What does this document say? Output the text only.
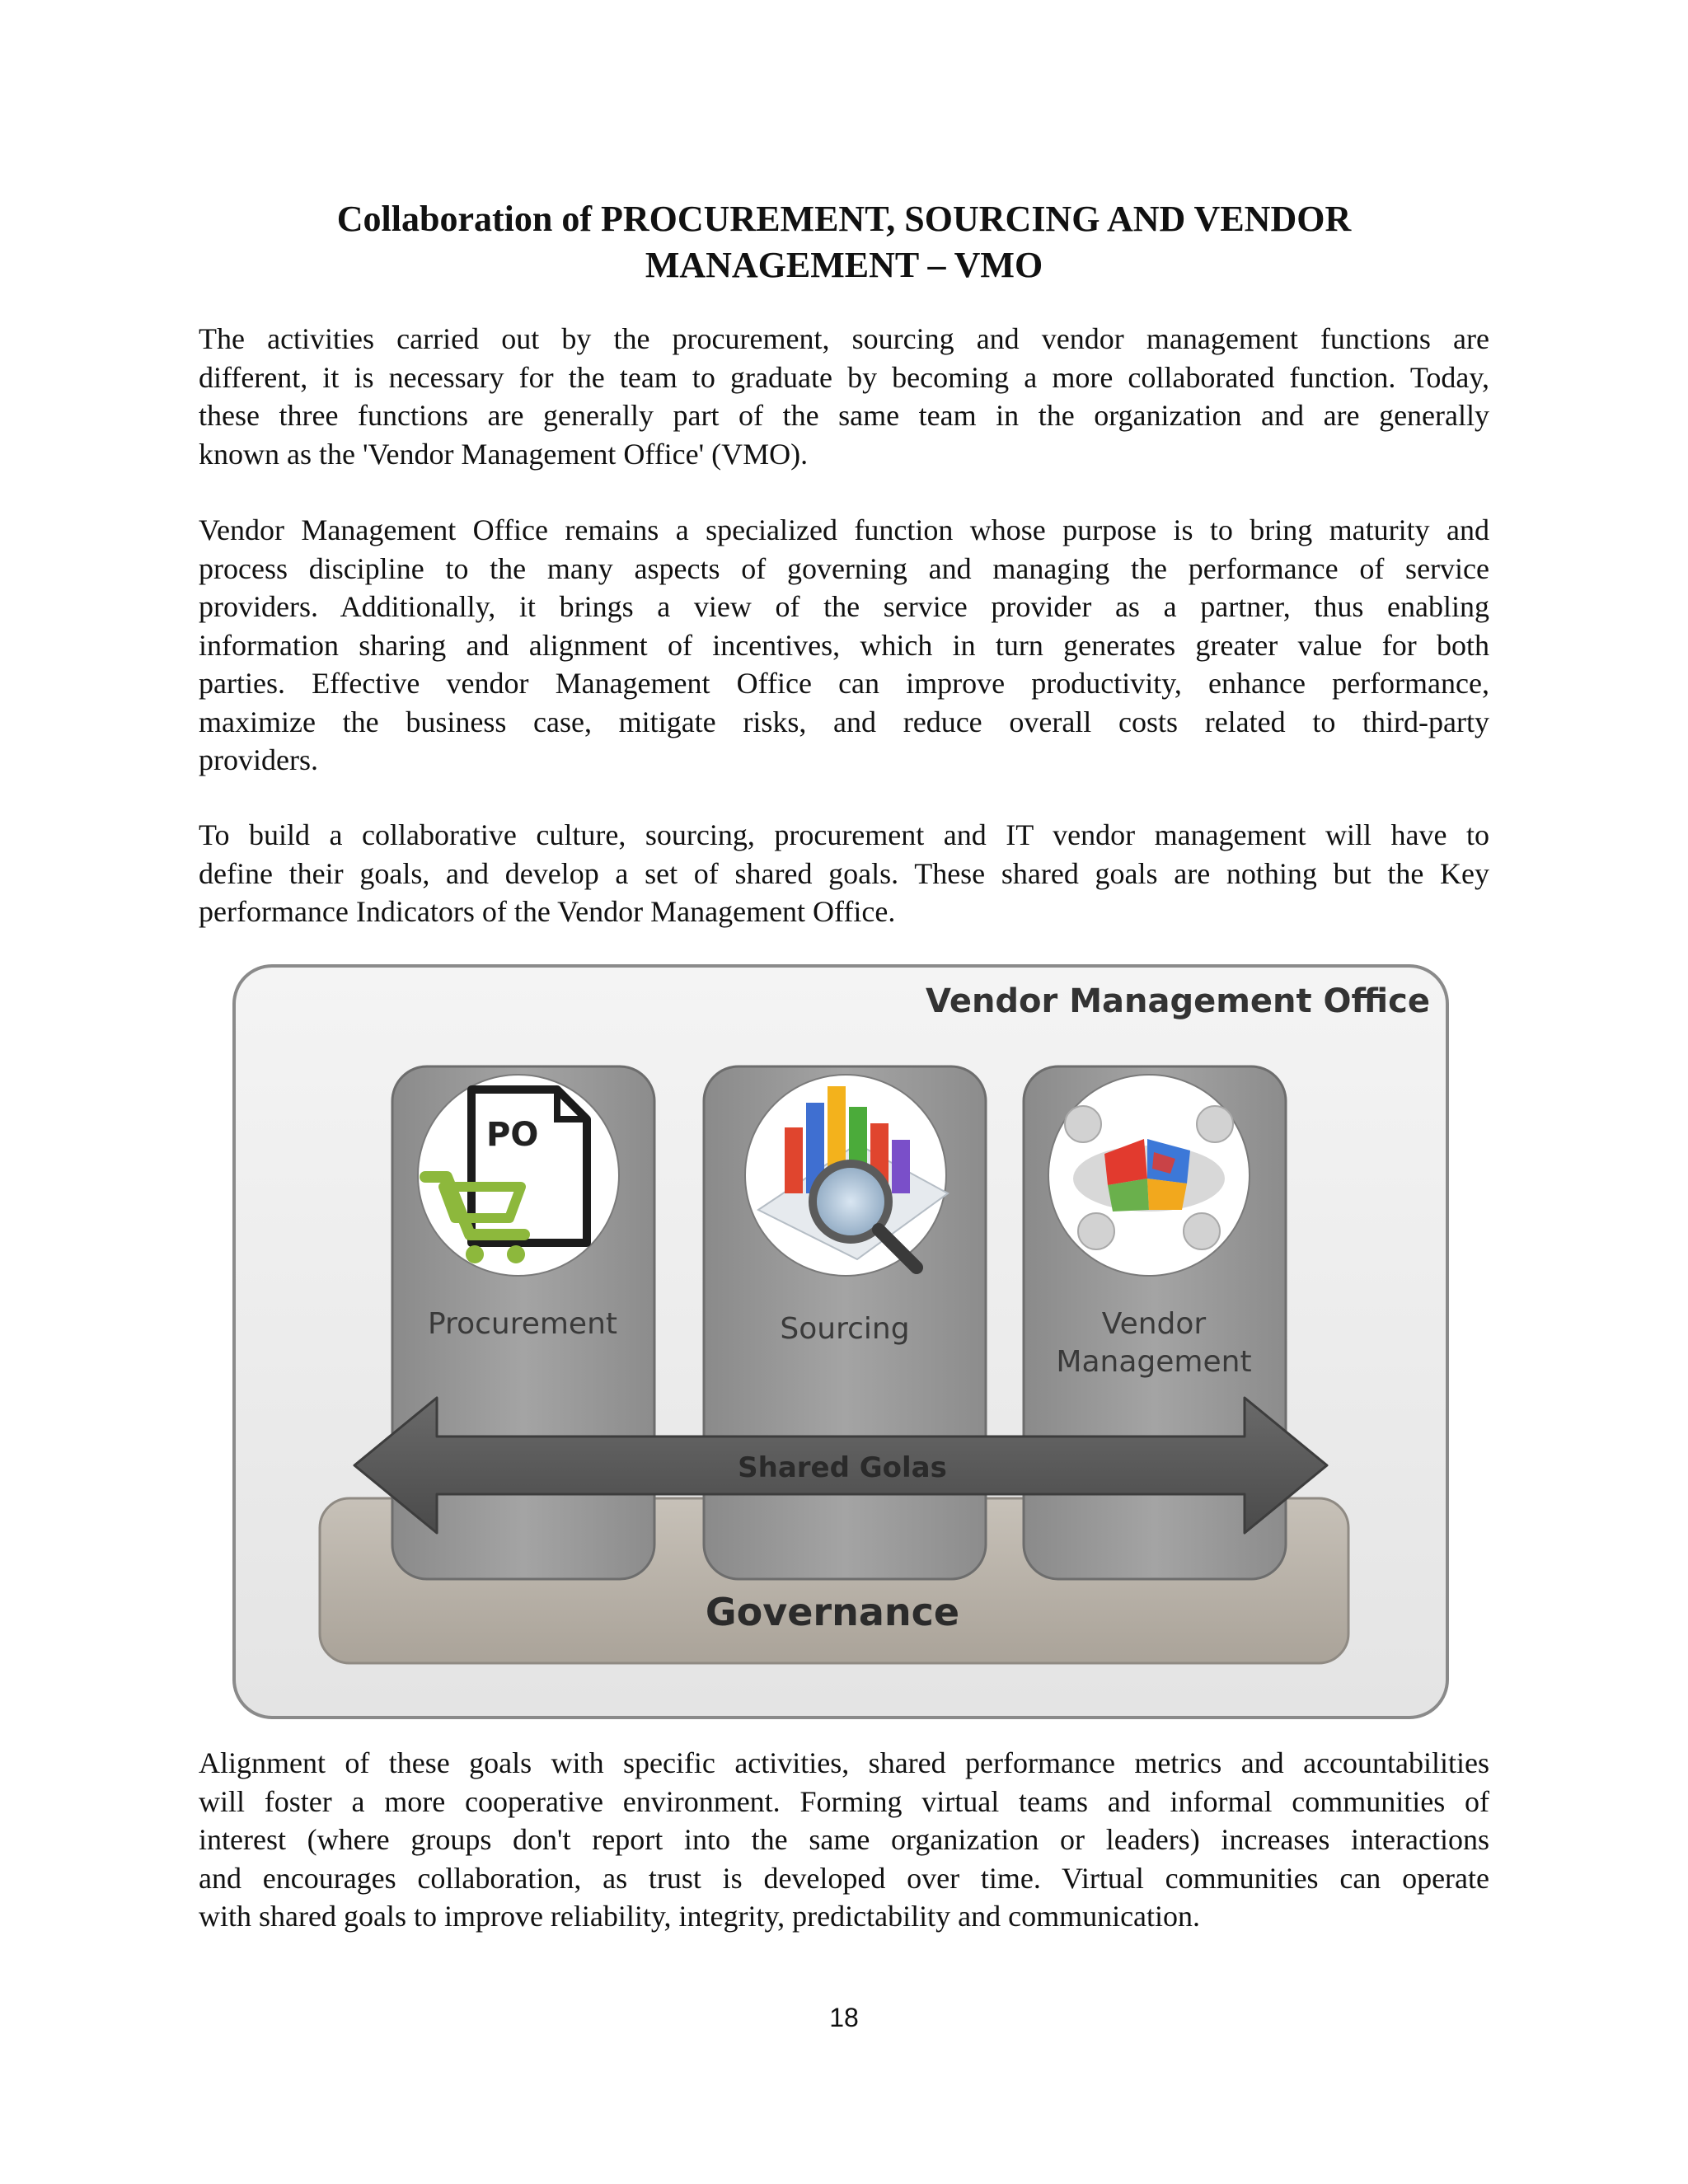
Collaboration of PROCUREMENT, SOURCING AND VENDOR
MANAGEMENT – VMO
The activities carried out by the procurement, sourcing and vendor management functions are
different, it is necessary for the team to graduate by becoming a more collaborated function. Today,
these three functions are generally part of the same team in the organization and are generally
known as the 'Vendor Management Office' (VMO).
Vendor Management Office remains a specialized function whose purpose is to bring maturity and
process discipline to the many aspects of governing and managing the performance of service
providers. Additionally, it brings a view of the service provider as a partner, thus enabling
information sharing and alignment of incentives, which in turn generates greater value for both
parties. Effective vendor Management Office can improve productivity, enhance performance,
maximize the business case, mitigate risks, and reduce overall costs related to third-party
providers.
To build a collaborative culture, sourcing, procurement and IT vendor management will have to
define their goals, and develop a set of shared goals. These shared goals are nothing but the Key
performance Indicators of the Vendor Management Office.
Vendor Management Office
PO
Procurement	Sourcing	Vendor
Management
Shared Golas
Governance
Alignment of these goals with specific activities, shared performance metrics and accountabilities
will foster a more cooperative environment. Forming virtual teams and informal communities of
interest (where groups don't report into the same organization or leaders) increases interactions
and encourages collaboration, as trust is developed over time. Virtual communities can operate
with shared goals to improve reliability, integrity, predictability and communication.
18
